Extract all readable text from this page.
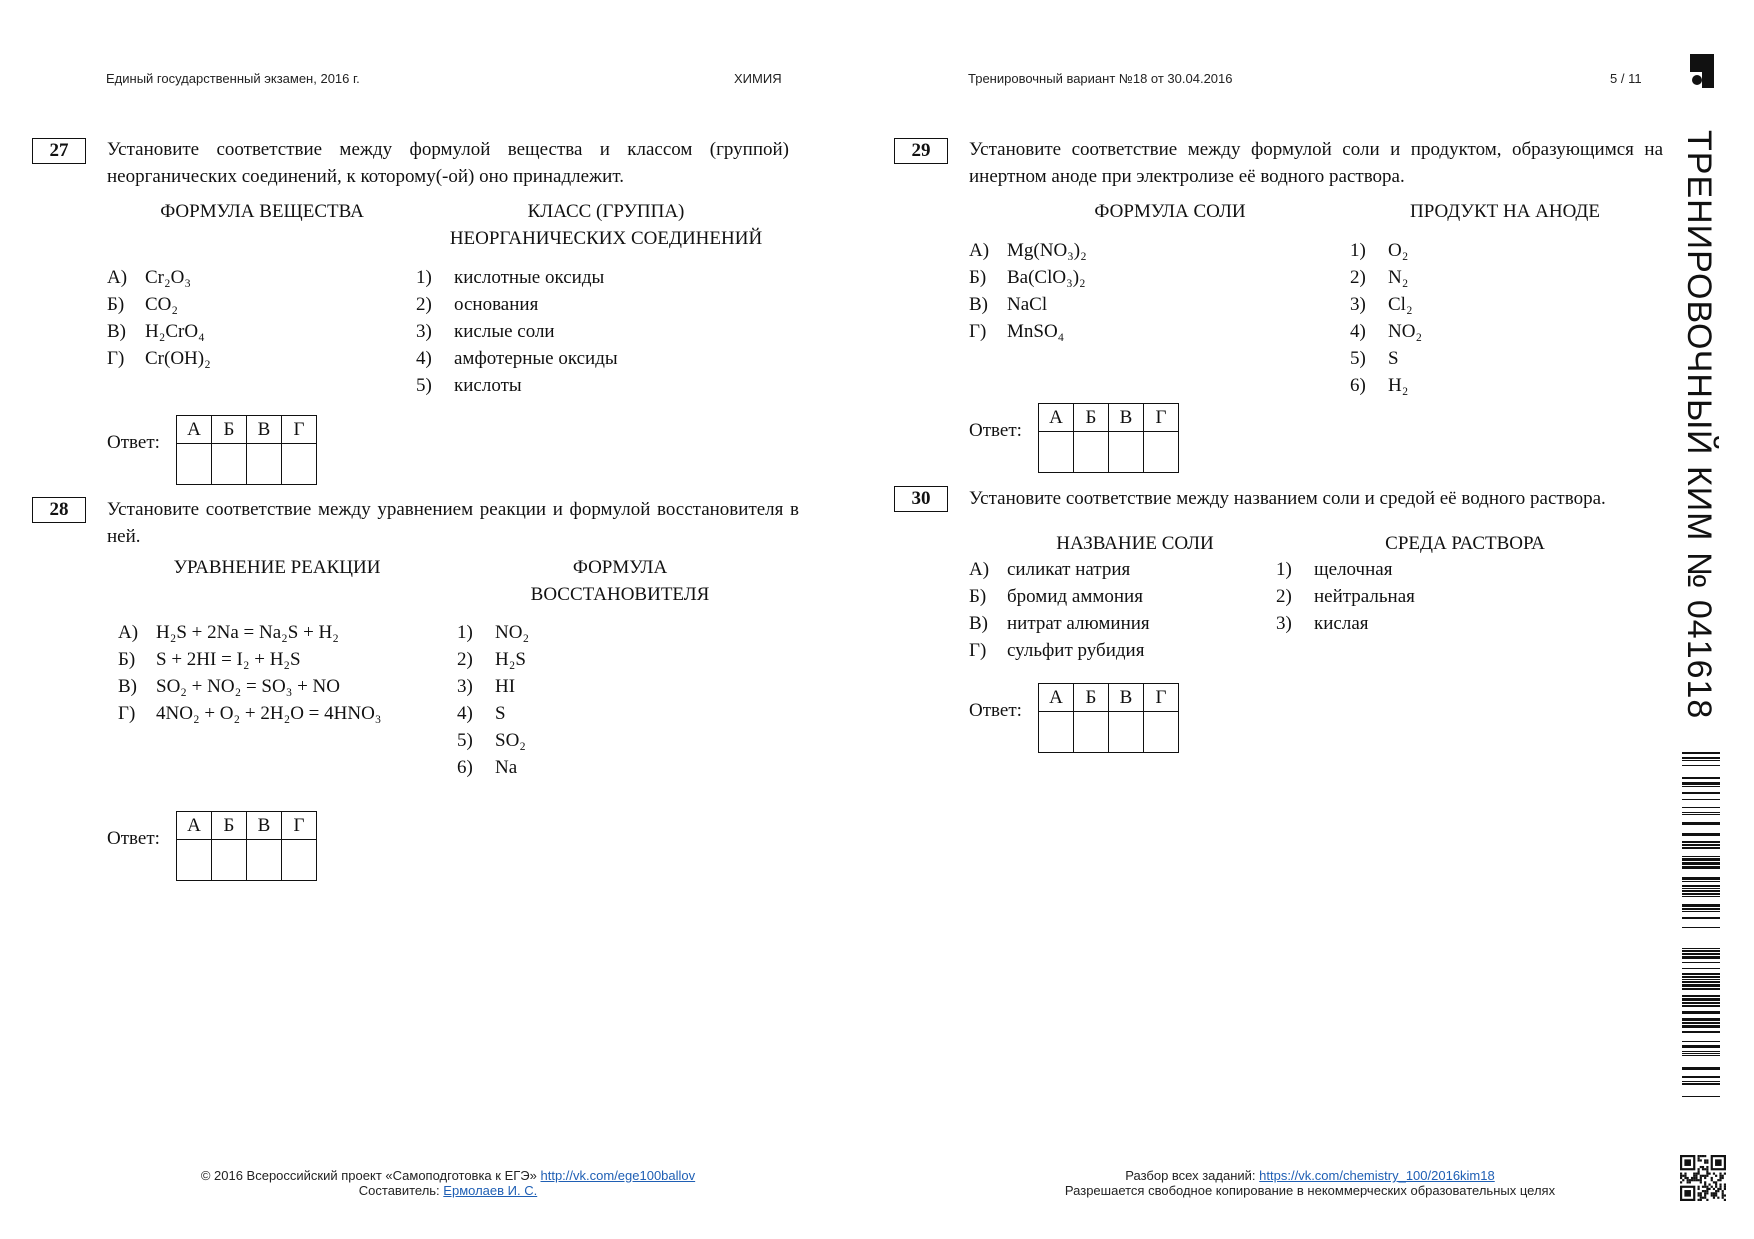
Единый государственный экзамен, 2016 г.	ХИМИЯ	Тренировочный вариант №18 от 30.04.2016	5 / 11
ТРЕНИРОВОЧНЫЙ КИМ № 041618
27	Установите соответствие между формулой вещества и классом (группой) неорганических соединений, к которому(-ой) оно принадлежит.
ФОРМУЛА ВЕЩЕСТВА	КЛАСС (ГРУППА)
НЕОРГАНИЧЕСКИХ СОЕДИНЕНИЙ
А) Cr₂O₃
Б) CO₂
В) H₂CrO₄
Г) Cr(OH)₂
1) кислотные оксиды
2) основания
3) кислые соли
4) амфотерные оксиды
5) кислоты
Ответ:
А	Б	В	Г

28	Установите соответствие между уравнением реакции и формулой восстановителя в ней.
УРАВНЕНИЕ РЕАКЦИИ	ФОРМУЛА
ВОССТАНОВИТЕЛЯ
А) H₂S + 2Na = Na₂S + H₂
Б) S + 2HI = I₂ + H₂S
В) SO₂ + NO₂ = SO₃ + NO
Г) 4NO₂ + O₂ + 2H₂O = 4HNO₃
1) NO₂
2) H₂S
3) HI
4) S
5) SO₂
6) Na
Ответ:
А	Б	В	Г

29	Установите соответствие между формулой соли и продуктом, образующимся на инертном аноде при электролизе её водного раствора.
ФОРМУЛА СОЛИ	ПРОДУКТ НА АНОДЕ
А) Mg(NO₃)₂
Б) Ba(ClO₃)₂
В) NaCl
Г) MnSO₄
1) O₂
2) N₂
3) Cl₂
4) NO₂
5) S
6) H₂
Ответ:
А	Б	В	Г

30	Установите соответствие между названием соли и средой её водного раствора.
НАЗВАНИЕ СОЛИ	СРЕДА РАСТВОРА
А) силикат натрия
Б) бромид аммония
В) нитрат алюминия
Г) сульфит рубидия
1) щелочная
2) нейтральная
3) кислая
Ответ:
А	Б	В	Г

© 2016 Всероссийский проект «Самоподготовка к ЕГЭ» http://vk.com/ege100ballov
Составитель: Ермолаев И. С.
Разбор всех заданий: https://vk.com/chemistry_100/2016kim18
Разрешается свободное копирование в некоммерческих образовательных целях
